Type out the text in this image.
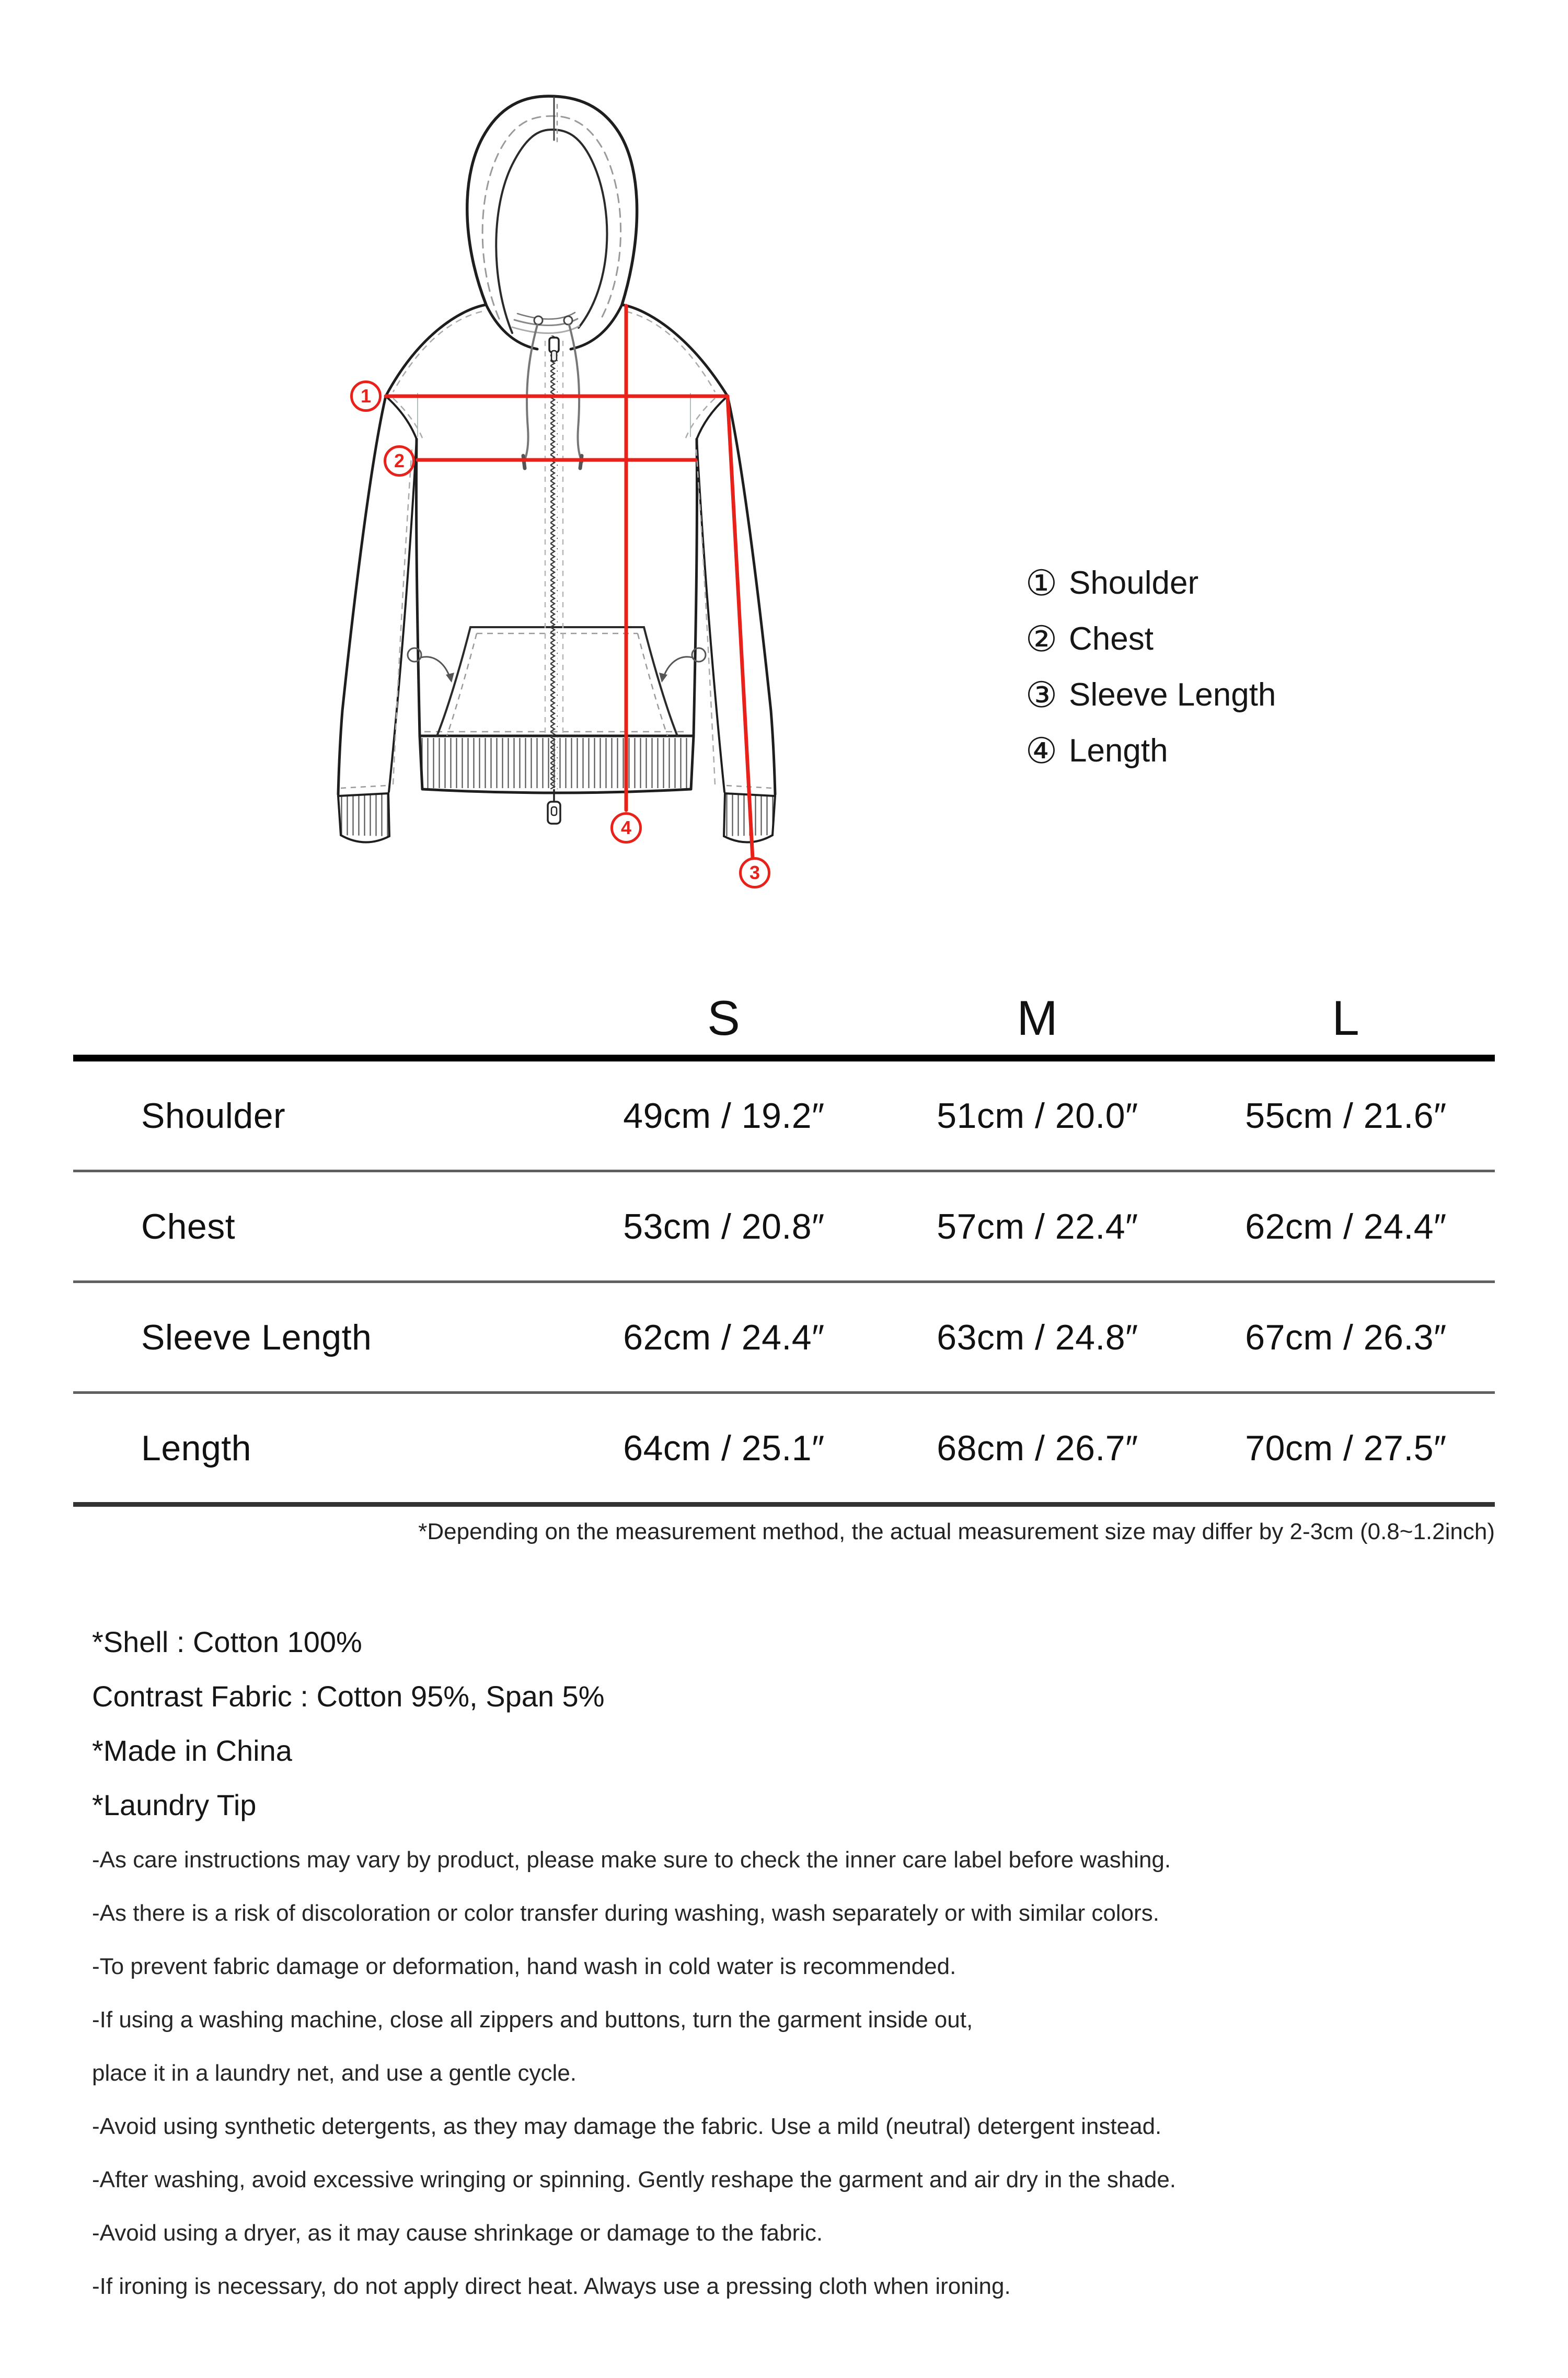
1
2
3
4
① Shoulder
② Chest
③ Sleeve Length
④ Length
S	M	L
Shoulder	49cm / 19.2″	51cm / 20.0″	55cm / 21.6″
Chest	53cm / 20.8″	57cm / 22.4″	62cm / 24.4″
Sleeve Length	62cm / 24.4″	63cm / 24.8″	67cm / 26.3″
Length	64cm / 25.1″	68cm / 26.7″	70cm / 27.5″
*Depending on the measurement method, the actual measurement size may differ by 2-3cm (0.8~1.2inch)
*Shell : Cotton 100%
Contrast Fabric : Cotton 95%, Span 5%
*Made in China
*Laundry Tip
-As care instructions may vary by product, please make sure to check the inner care label before washing.
-As there is a risk of discoloration or color transfer during washing, wash separately or with similar colors.
-To prevent fabric damage or deformation, hand wash in cold water is recommended.
-If using a washing machine, close all zippers and buttons, turn the garment inside out,
place it in a laundry net, and use a gentle cycle.
-Avoid using synthetic detergents, as they may damage the fabric. Use a mild (neutral) detergent instead.
-After washing, avoid excessive wringing or spinning. Gently reshape the garment and air dry in the shade.
-Avoid using a dryer, as it may cause shrinkage or damage to the fabric.
-If ironing is necessary, do not apply direct heat. Always use a pressing cloth when ironing.
